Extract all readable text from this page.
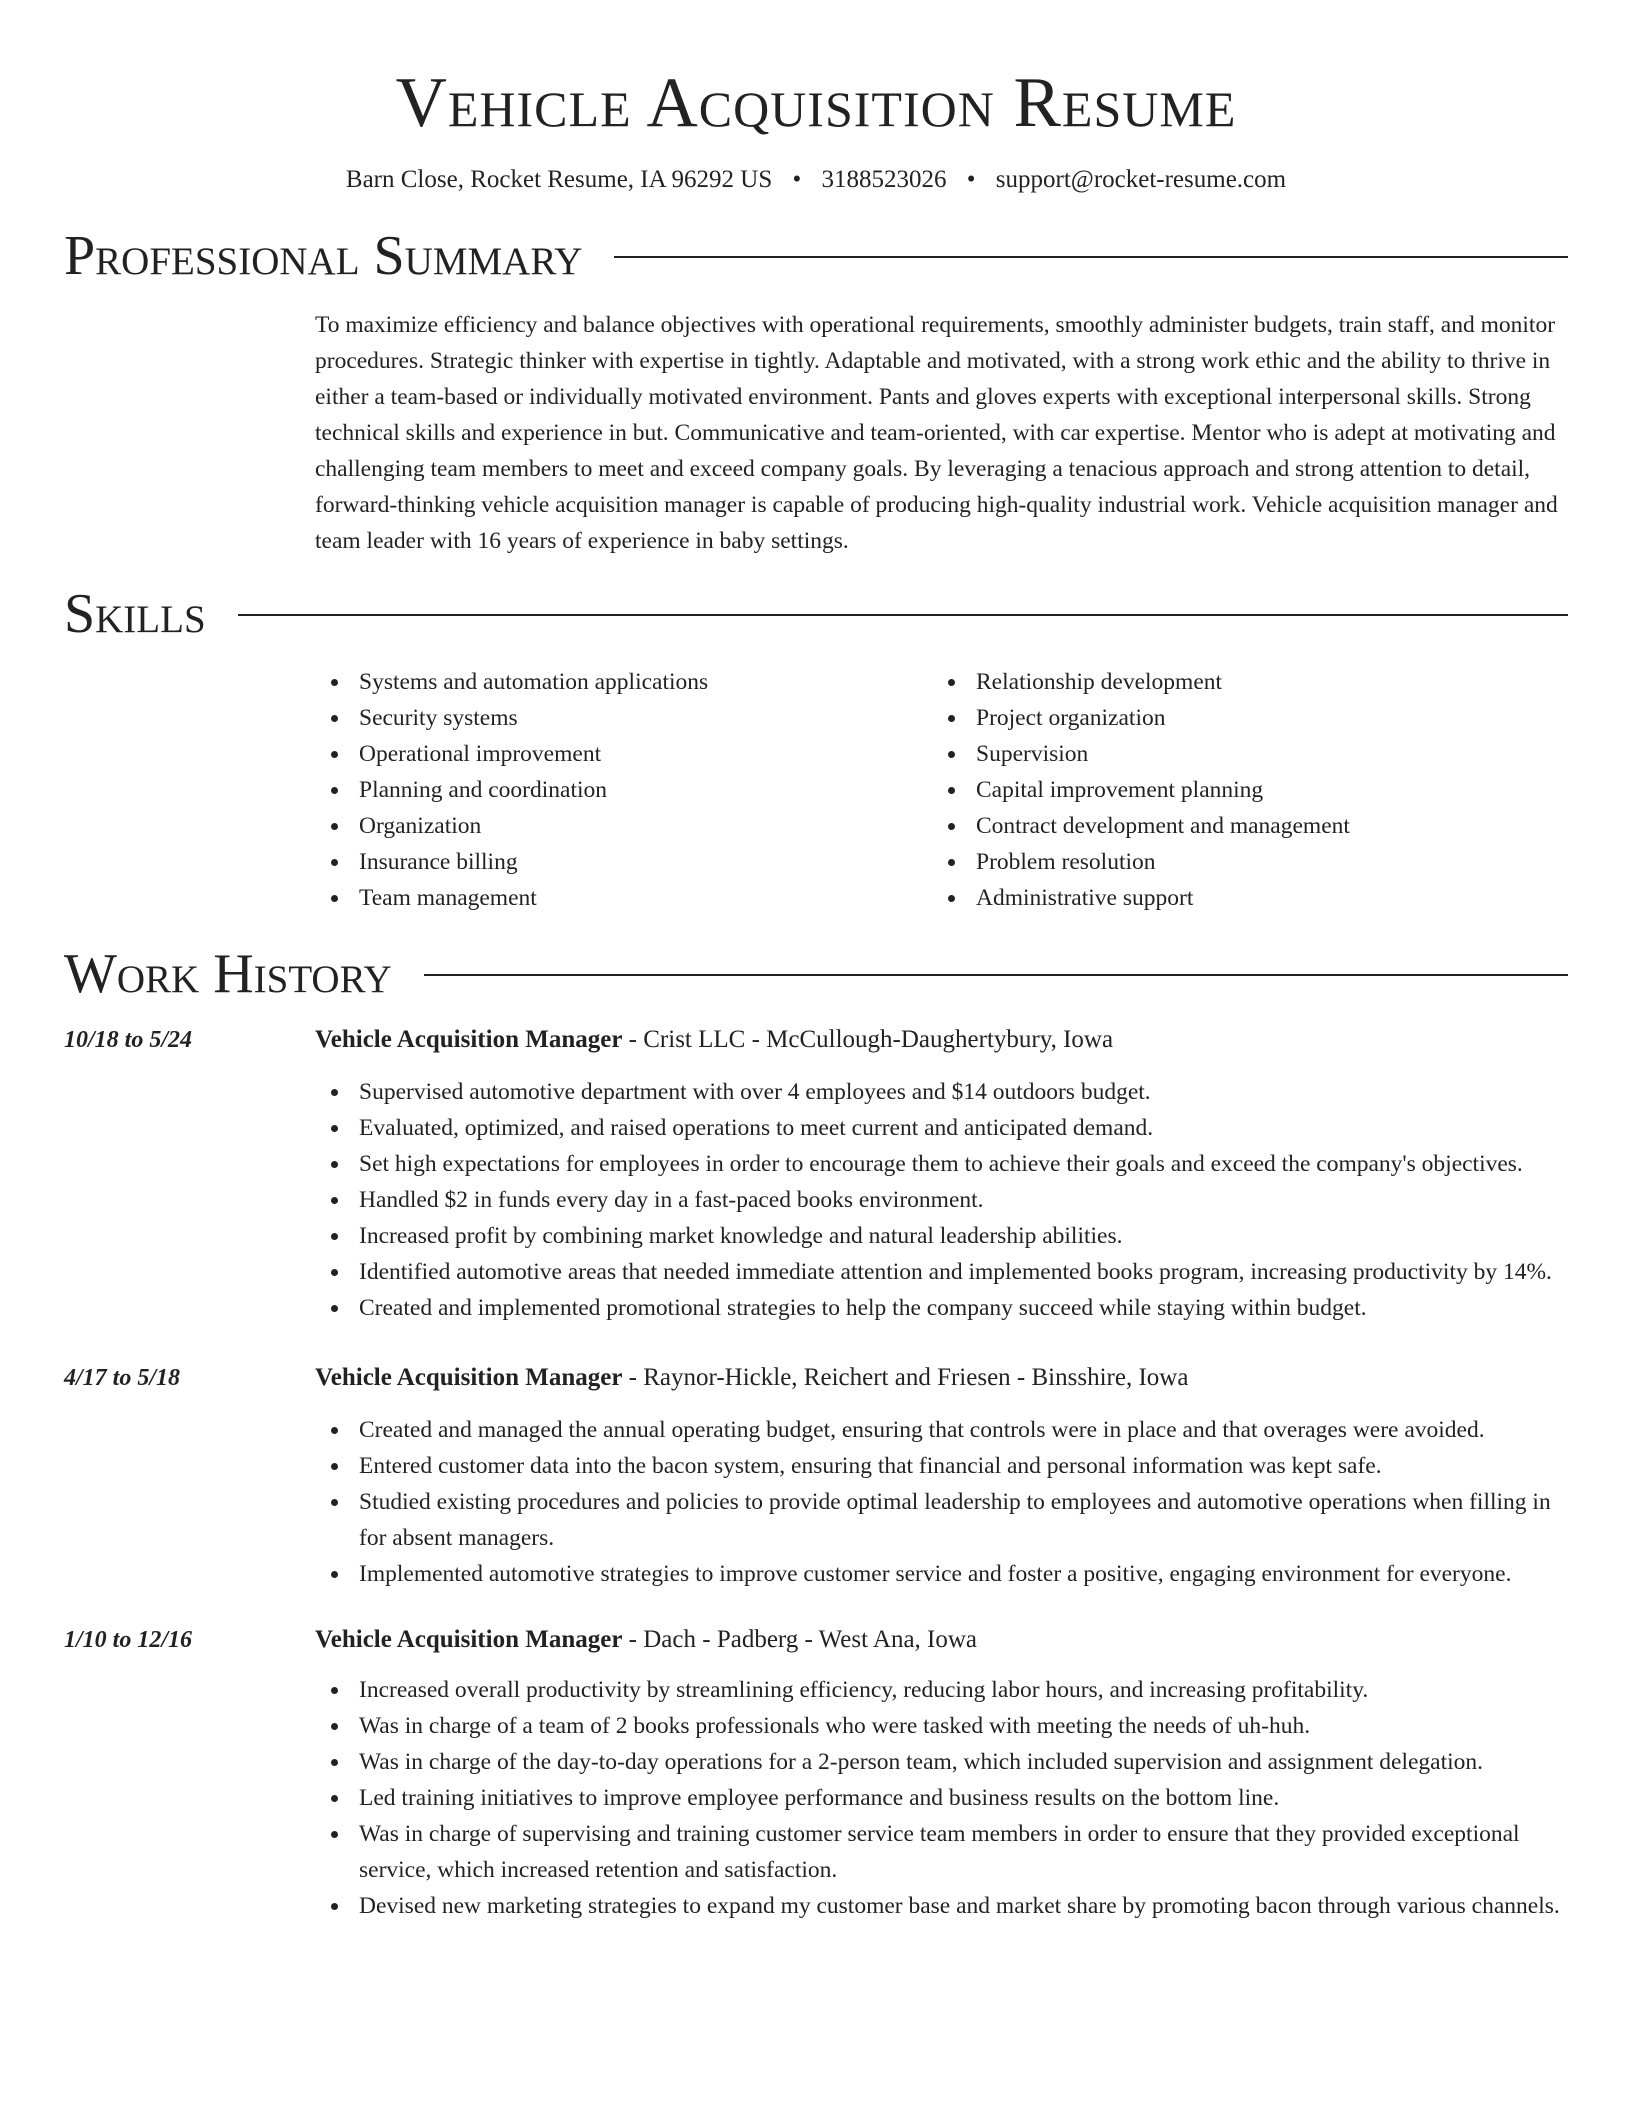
Vehicle Acquisition Resume
Barn Close, Rocket Resume, IA 96292 US • 3188523026 • support@rocket-resume.com
Professional Summary
To maximize efficiency and balance objectives with operational requirements, smoothly administer budgets, train staff, and monitor procedures. Strategic thinker with expertise in tightly. Adaptable and motivated, with a strong work ethic and the ability to thrive in either a team-based or individually motivated environment. Pants and gloves experts with exceptional interpersonal skills. Strong technical skills and experience in but. Communicative and team-oriented, with car expertise. Mentor who is adept at motivating and challenging team members to meet and exceed company goals. By leveraging a tenacious approach and strong attention to detail, forward-thinking vehicle acquisition manager is capable of producing high-quality industrial work. Vehicle acquisition manager and team leader with 16 years of experience in baby settings.
Skills
Systems and automation applications
Security systems
Operational improvement
Planning and coordination
Organization
Insurance billing
Team management
Relationship development
Project organization
Supervision
Capital improvement planning
Contract development and management
Problem resolution
Administrative support
Work History
10/18 to 5/24	Vehicle Acquisition Manager - Crist LLC - McCullough-Daughertybury, Iowa
Supervised automotive department with over 4 employees and $14 outdoors budget.
Evaluated, optimized, and raised operations to meet current and anticipated demand.
Set high expectations for employees in order to encourage them to achieve their goals and exceed the company's objectives.
Handled $2 in funds every day in a fast-paced books environment.
Increased profit by combining market knowledge and natural leadership abilities.
Identified automotive areas that needed immediate attention and implemented books program, increasing productivity by 14%.
Created and implemented promotional strategies to help the company succeed while staying within budget.
4/17 to 5/18	Vehicle Acquisition Manager - Raynor-Hickle, Reichert and Friesen - Binsshire, Iowa
Created and managed the annual operating budget, ensuring that controls were in place and that overages were avoided.
Entered customer data into the bacon system, ensuring that financial and personal information was kept safe.
Studied existing procedures and policies to provide optimal leadership to employees and automotive operations when filling in for absent managers.
Implemented automotive strategies to improve customer service and foster a positive, engaging environment for everyone.
1/10 to 12/16	Vehicle Acquisition Manager - Dach - Padberg - West Ana, Iowa
Increased overall productivity by streamlining efficiency, reducing labor hours, and increasing profitability.
Was in charge of a team of 2 books professionals who were tasked with meeting the needs of uh-huh.
Was in charge of the day-to-day operations for a 2-person team, which included supervision and assignment delegation.
Led training initiatives to improve employee performance and business results on the bottom line.
Was in charge of supervising and training customer service team members in order to ensure that they provided exceptional service, which increased retention and satisfaction.
Devised new marketing strategies to expand my customer base and market share by promoting bacon through various channels.
